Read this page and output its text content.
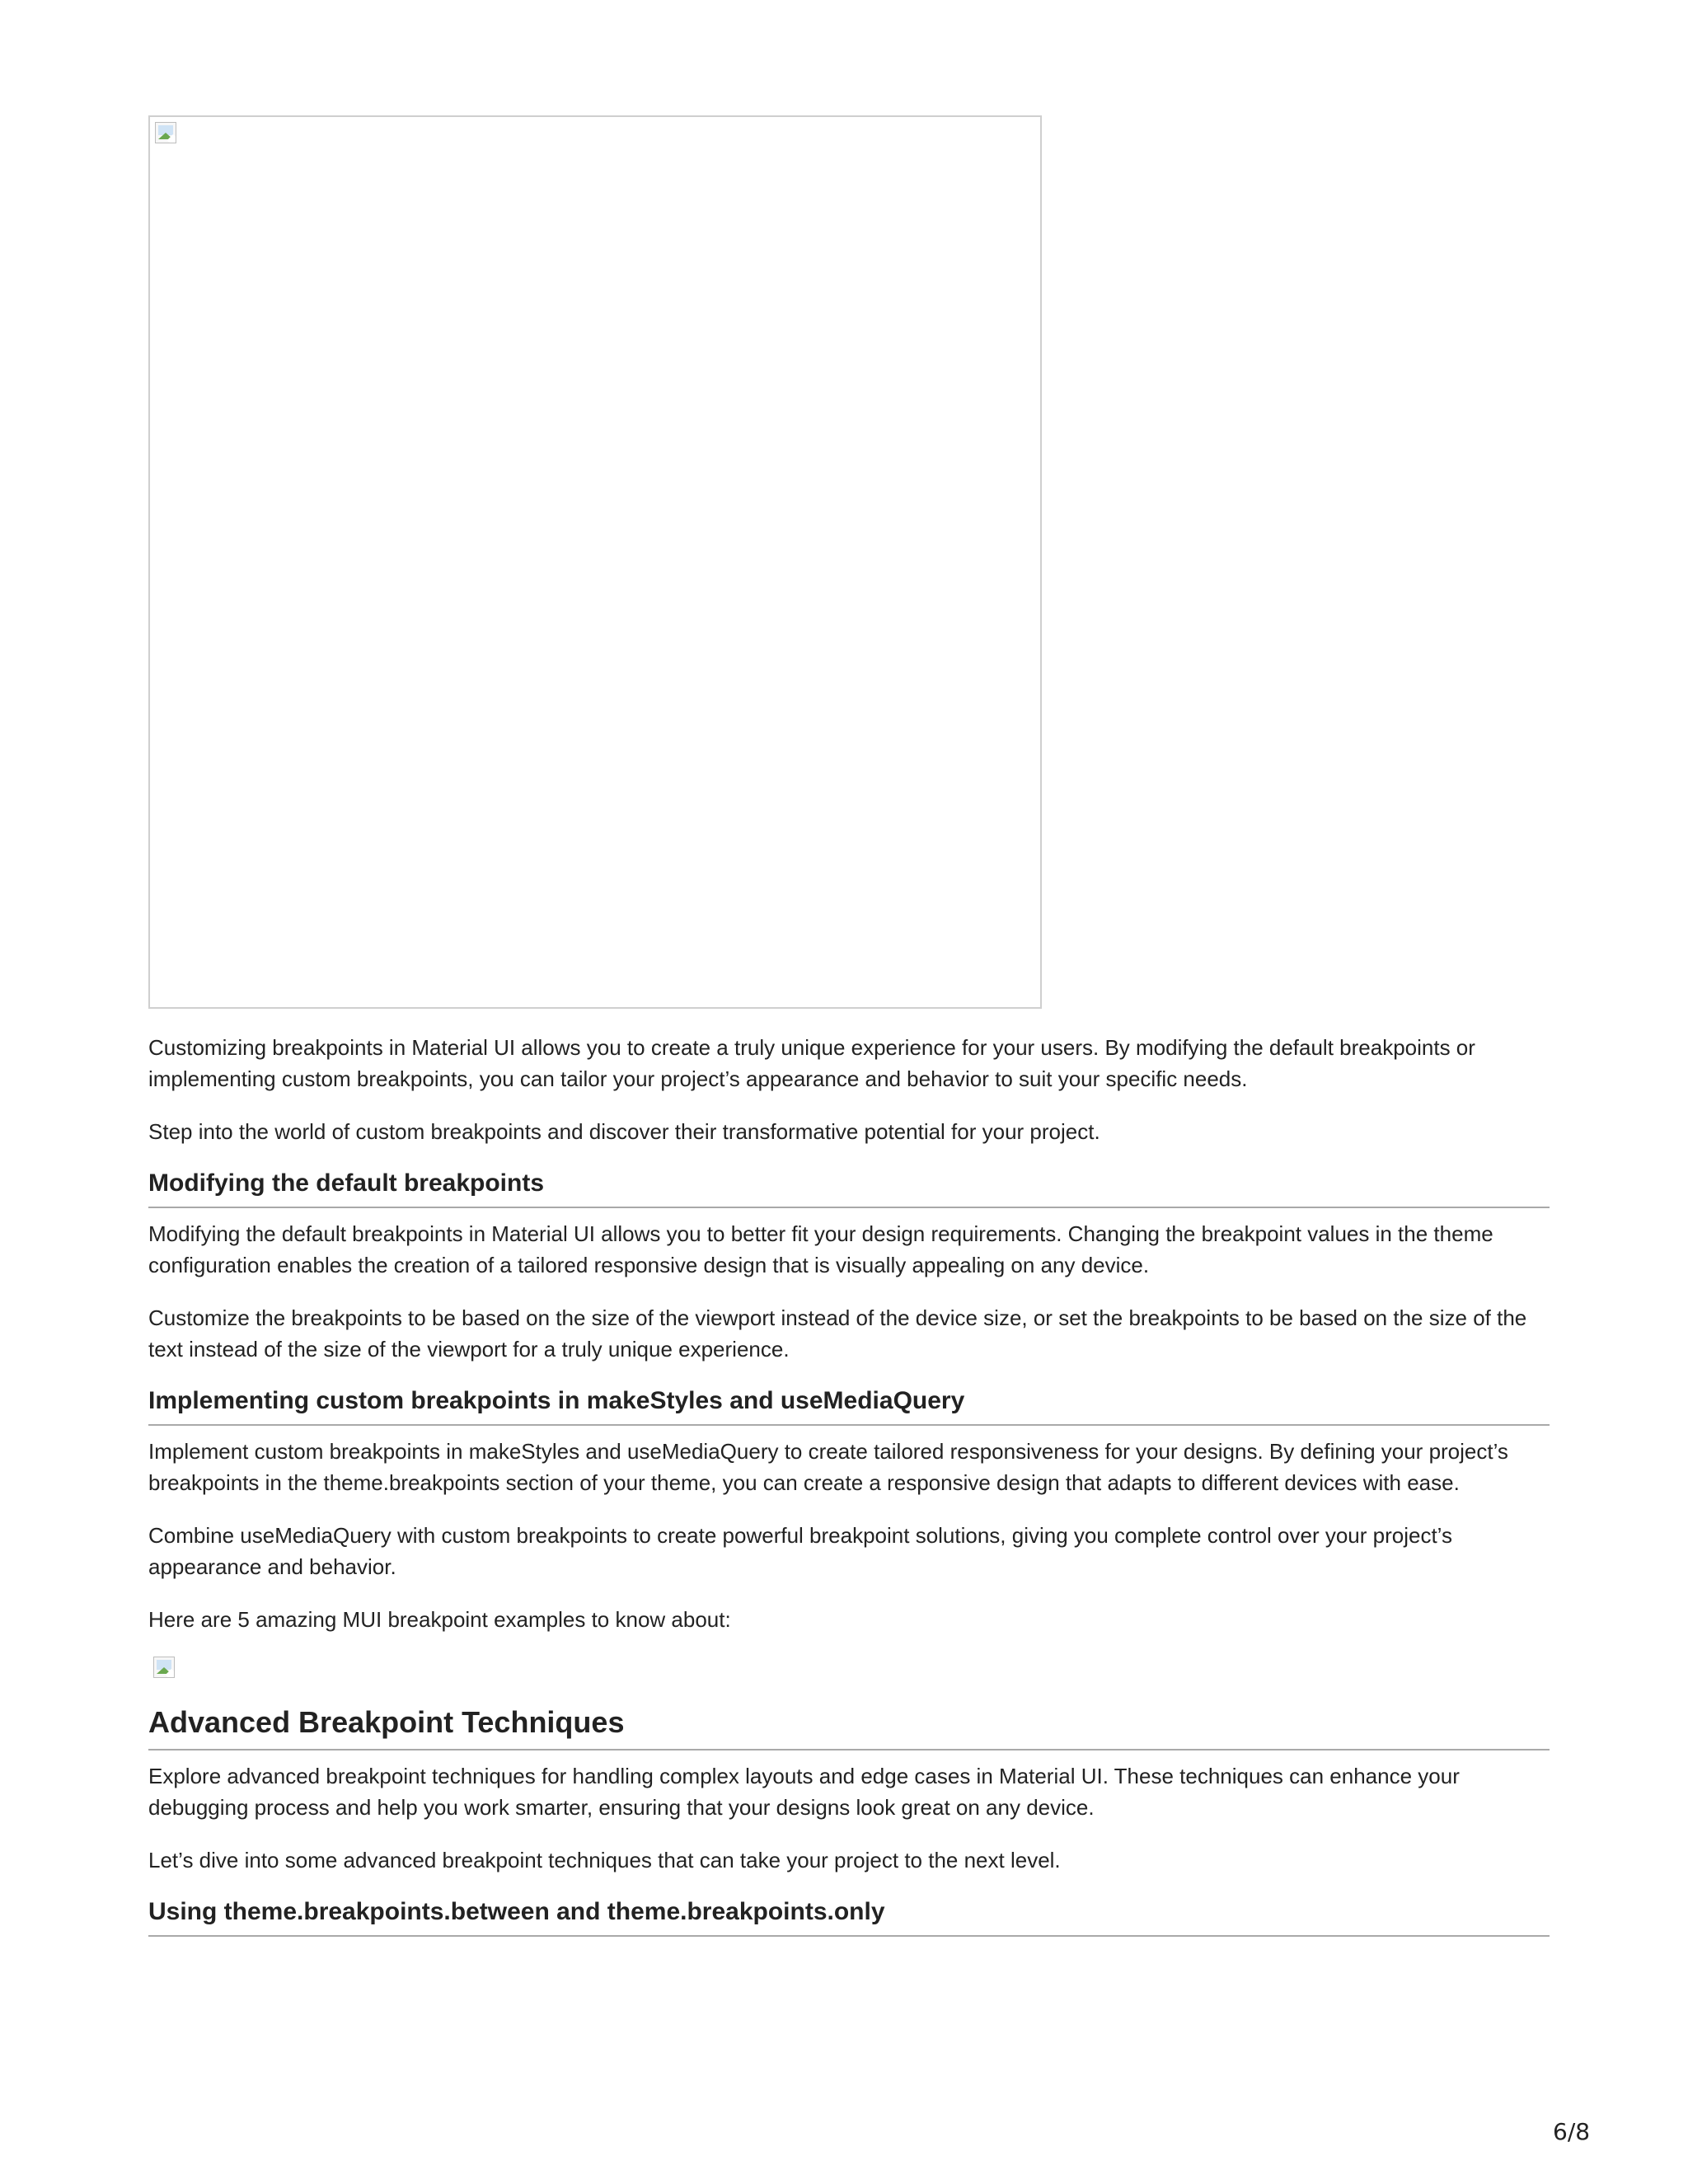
Customizing breakpoints in Material UI allows you to create a truly unique experience for your users. By modifying the default breakpoints or implementing custom breakpoints, you can tailor your project’s appearance and behavior to suit your specific needs.

Step into the world of custom breakpoints and discover their transformative potential for your project.

Modifying the default breakpoints

Modifying the default breakpoints in Material UI allows you to better fit your design requirements. Changing the breakpoint values in the theme configuration enables the creation of a tailored responsive design that is visually appealing on any device.

Customize the breakpoints to be based on the size of the viewport instead of the device size, or set the breakpoints to be based on the size of the text instead of the size of the viewport for a truly unique experience.

Implementing custom breakpoints in makeStyles and useMediaQuery

Implement custom breakpoints in makeStyles and useMediaQuery to create tailored responsiveness for your designs. By defining your project’s breakpoints in the theme.breakpoints section of your theme, you can create a responsive design that adapts to different devices with ease.

Combine useMediaQuery with custom breakpoints to create powerful breakpoint solutions, giving you complete control over your project’s appearance and behavior.

Here are 5 amazing MUI breakpoint examples to know about:

Advanced Breakpoint Techniques

Explore advanced breakpoint techniques for handling complex layouts and edge cases in Material UI. These techniques can enhance your debugging process and help you work smarter, ensuring that your designs look great on any device.

Let’s dive into some advanced breakpoint techniques that can take your project to the next level.

Using theme.breakpoints.between and theme.breakpoints.only
6/8
